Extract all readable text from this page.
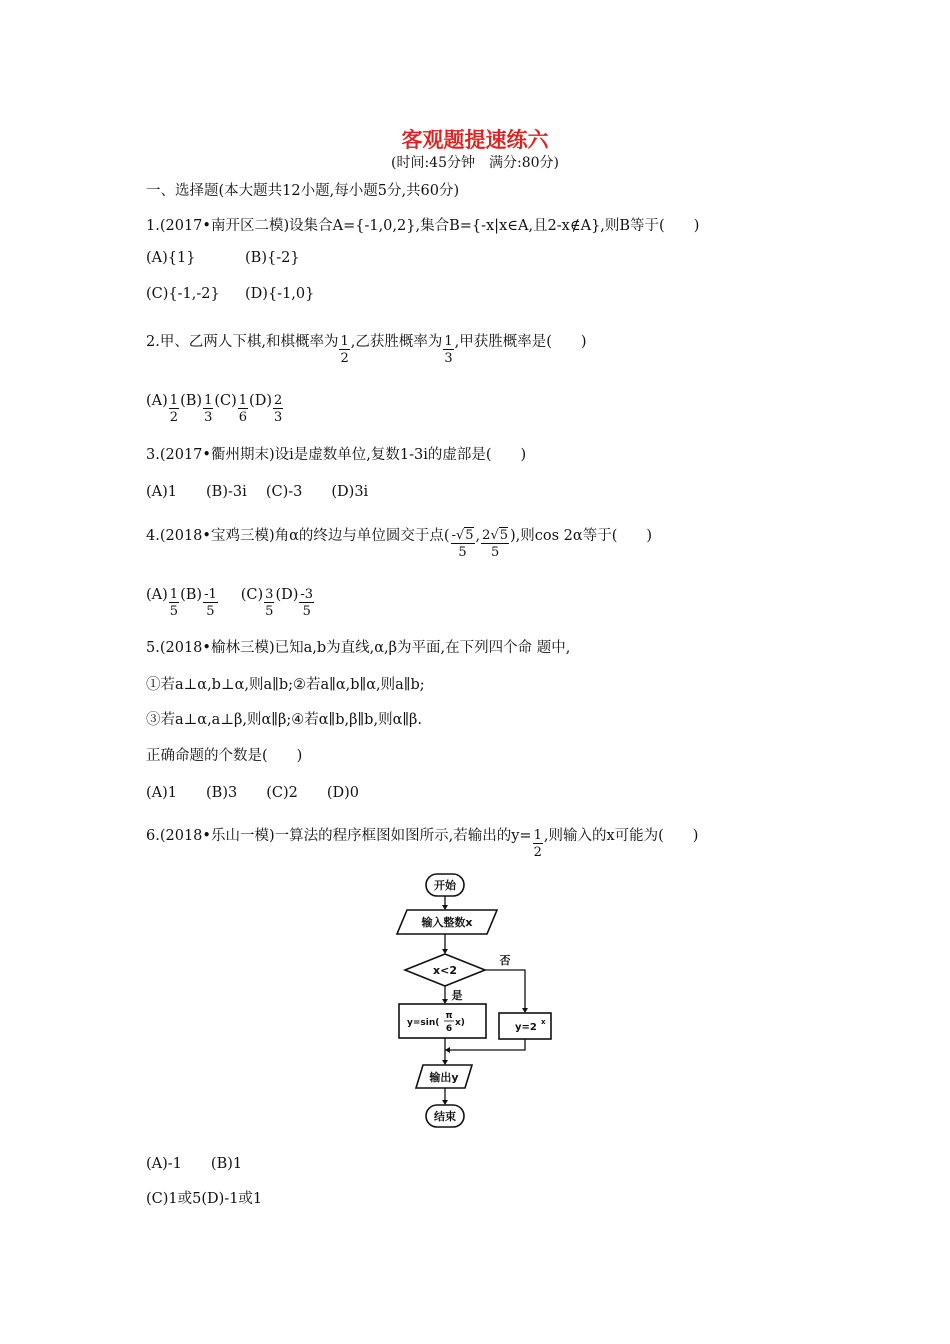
客观题提速练六
(时间:45分钟　满分:80分)
一、选择题(本大题共12小题,每小题5分,共60分)
1.(2017•南开区二模)设集合A={-1,0,2},集合B={-x|x∈A,且2-x∉A},则B等于(　　)
(A){1}	(B){-2}
(C){-1,-2} (D){-1,0}
2.甲、乙两人下棋,和棋概率为 $\frac{1}{2}$ ,乙获胜概率为 $\frac{1}{3}$ ,甲获胜概率是(　　)
$(A) \frac{1}{2} (B) \frac{1}{3} (C) \frac{1}{6} (D) \frac{2}{3}$
3.(2017•衢州期末)设i是虚数单位,复数1-3i的虚部是(　　)
(A)1　　(B)-3i　 (C)-3　　(D)3i
4.(2018•宝鸡三模)角α的终边与单位圆交于点( $\frac{-√5}{5}$ , $\frac{2√5}{5}$ ),则cos 2α等于(　　)
$(A) \frac{1}{5} (B) \frac{-1}{5} (C) \frac{3}{5} (D) \frac{-3}{5}$
5.(2018•榆林三模)已知a,b为直线,α,β为平面,在下列四个命 题中,
①若a⊥α,b⊥α,则a∥b;②若a∥α,b∥α,则a∥b;
③若a⊥α,a⊥β,则α∥β;④若α∥b,β∥b,则α∥β.
正确命题的个数是(　　)
(A)1　　(B)3　　(C)2　　(D)0
6.(2018•乐山一模)一算法的程序框图如图所示,若输出的$y= \frac{1}{2}$ ,则输入的x可能为(　　)
开始
输入整数x
x<2
否
是
y=sin(
π
6
x)	y=2 x
输出y
结束
(A)-1　　(B)1
(C)1或5(D)-1或1
